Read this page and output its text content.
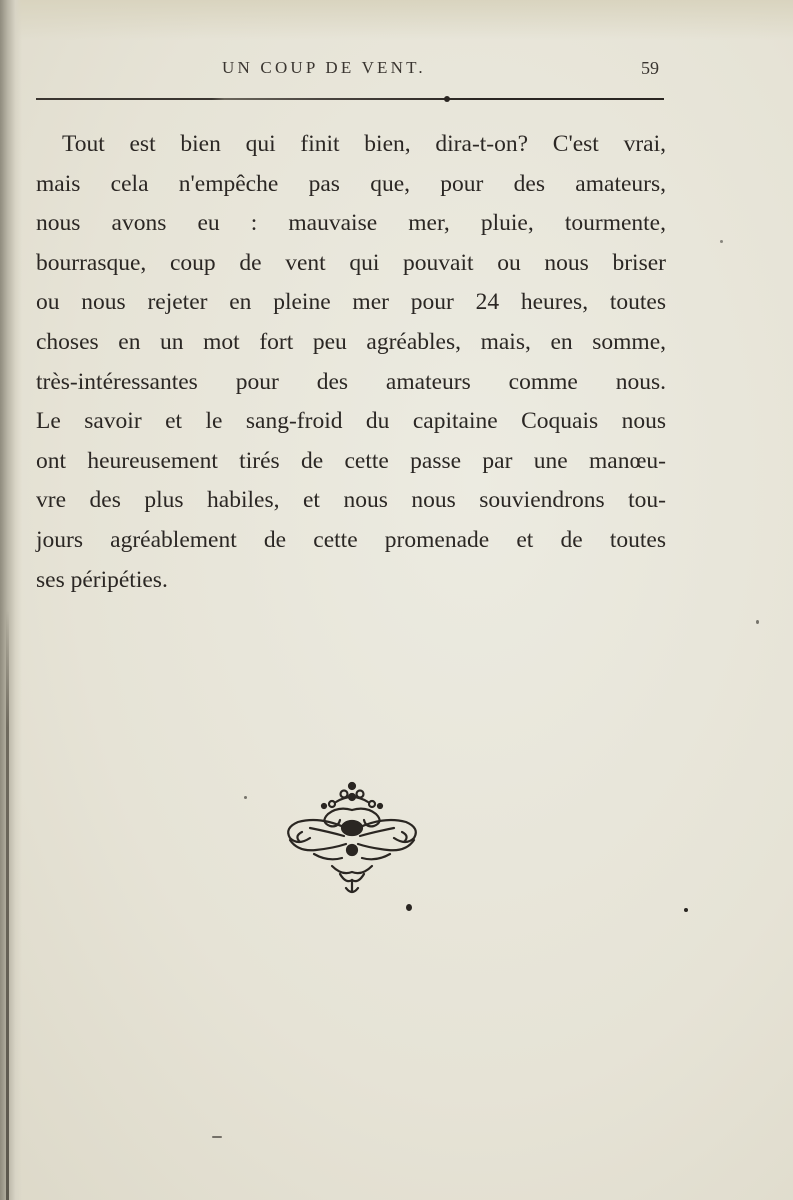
UN COUP DE VENT.	59
Tout est bien qui finit bien, dira-t-on? C'est vrai,
mais cela n'empêche pas que, pour des amateurs,
nous avons eu : mauvaise mer, pluie, tourmente,
bourrasque, coup de vent qui pouvait ou nous briser
ou nous rejeter en pleine mer pour 24 heures, toutes
choses en un mot fort peu agréables, mais, en somme,
très-intéressantes pour des amateurs comme nous.
Le savoir et le sang-froid du capitaine Coquais nous
ont heureusement tirés de cette passe par une manœu-
vre des plus habiles, et nous nous souviendrons tou-
jours agréablement de cette promenade et de toutes
ses péripéties.
